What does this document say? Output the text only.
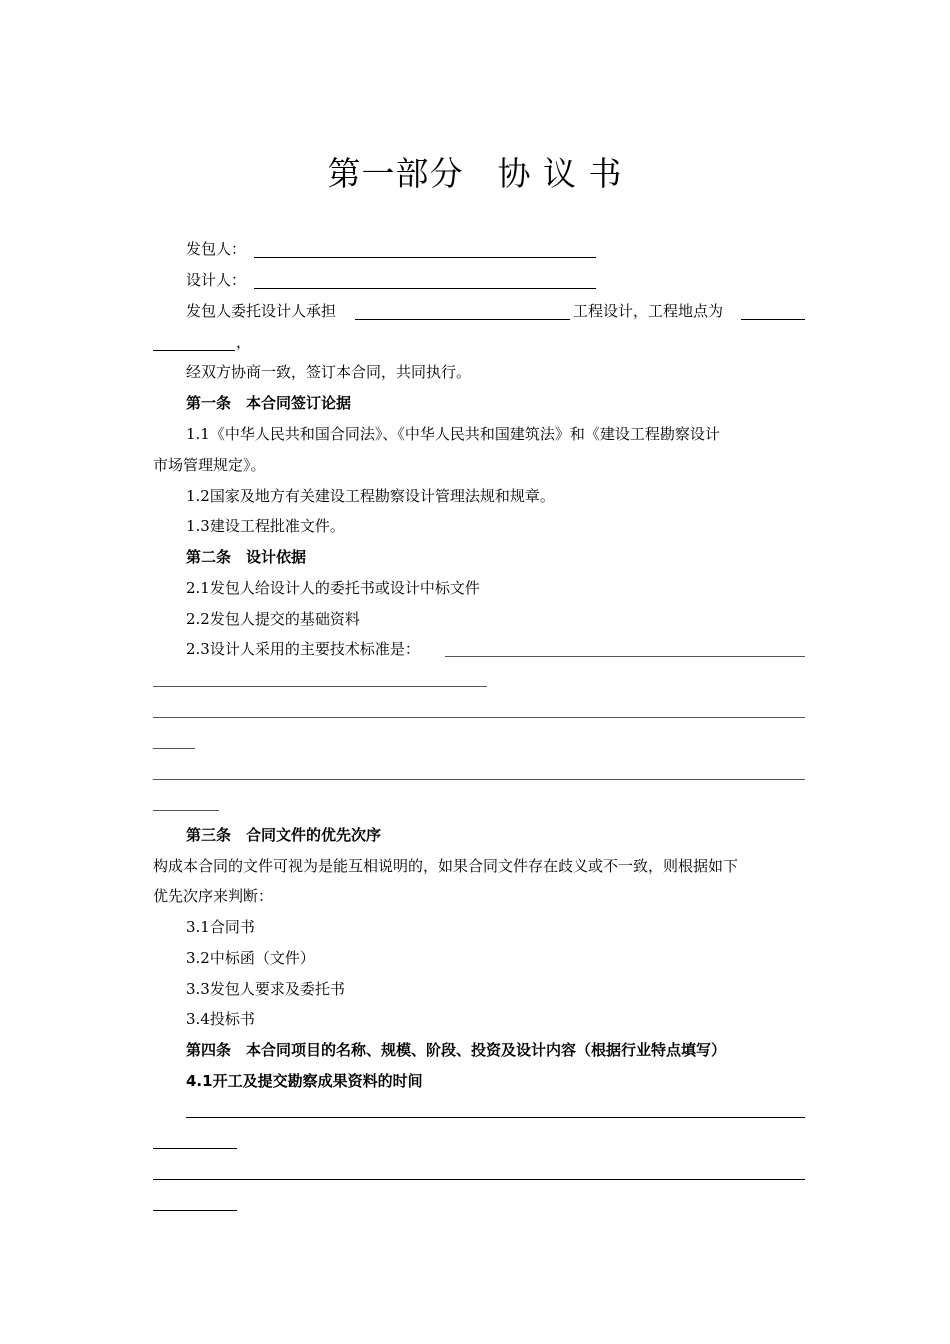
第一部分　协 议 书
发包人：
设计人：
发包人委托设计人承担	工程设计，工程地点为
，
经双方协商一致，签订本合同，共同执行。
第一条　本合同签订论据
1.1《中华人民共和国合同法》、《中华人民共和国建筑法》和《建设工程勘察设计
市场管理规定》。
1.2国家及地方有关建设工程勘察设计管理法规和规章。
1.3建设工程批准文件。
第二条　设计依据
2.1发包人给设计人的委托书或设计中标文件
2.2发包人提交的基础资料
2.3设计人采用的主要技术标准是：
第三条　合同文件的优先次序
构成本合同的文件可视为是能互相说明的，如果合同文件存在歧义或不一致，则根据如下
优先次序来判断：
3.1合同书
3.2中标函（文件）
3.3发包人要求及委托书
3.4投标书
第四条　本合同项目的名称、规模、阶段、投资及设计内容（根据行业特点填写）
4.1开工及提交勘察成果资料的时间
